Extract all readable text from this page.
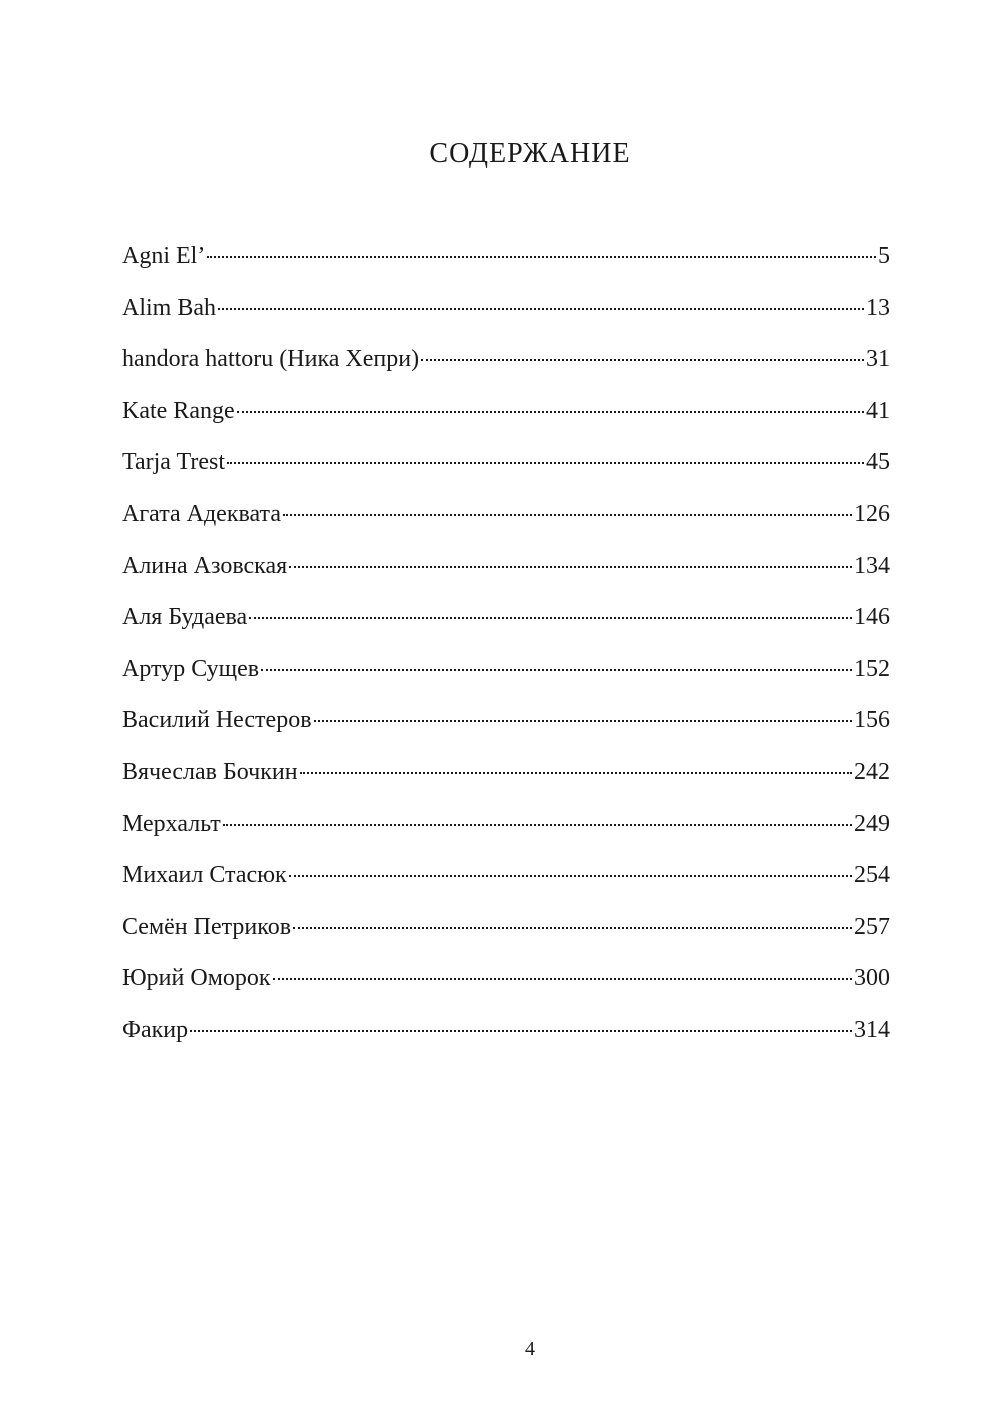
СОДЕРЖАНИЕ
Agni El’	5
Alim Bah	13
handora hattoru (Ника Хепри)	31
Kate Range	41
Tarja Trest	45
Агата Адеквата	126
Алина Азовская	134
Аля Будаева	146
Артур Сущев	152
Василий Нестеров	156
Вячеслав Бочкин	242
Мерхальт	249
Михаил Стасюк	254
Семён Петриков	257
Юрий Оморок	300
Факир	314
4
